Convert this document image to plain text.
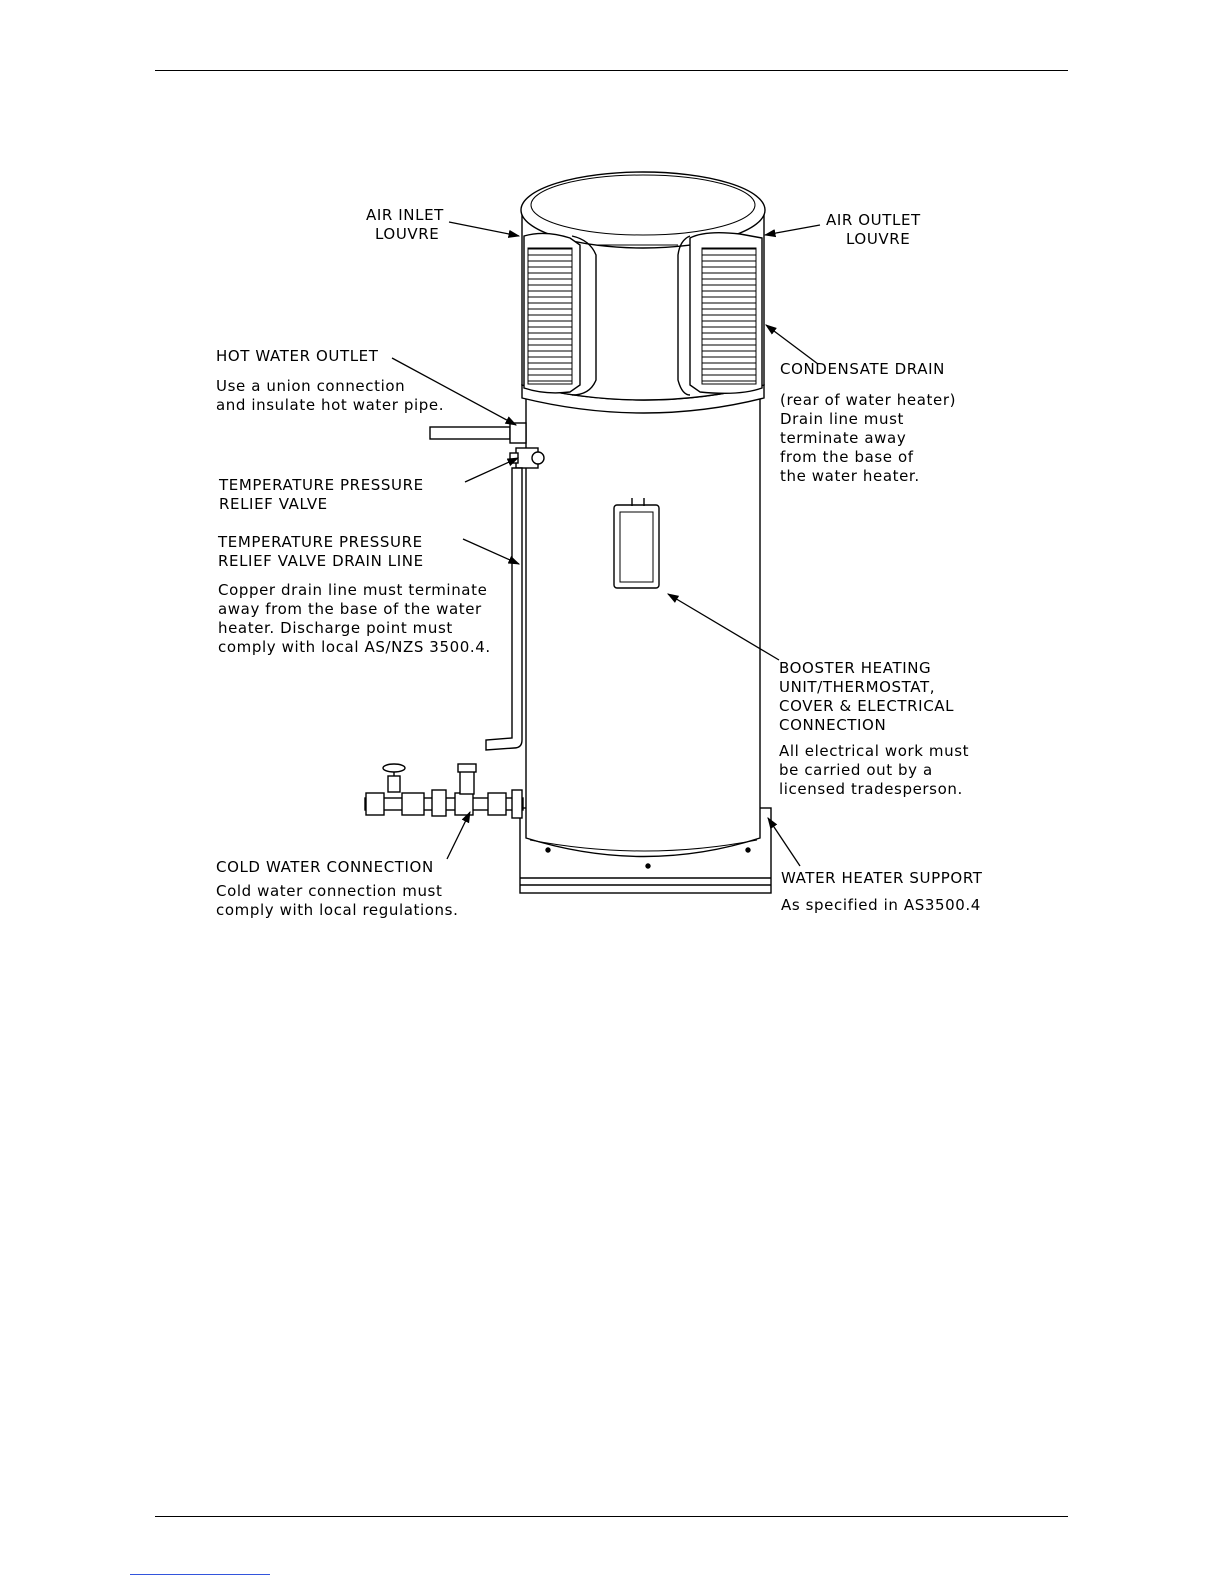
AIR INLET
LOUVRE
AIR OUTLET
LOUVRE
HOT WATER OUTLET
Use a union connection
and insulate hot water pipe.
CONDENSATE DRAIN
(rear of water heater)
Drain line must
terminate away
from the base of
the water heater.
TEMPERATURE PRESSURE
RELIEF VALVE
TEMPERATURE PRESSURE
RELIEF VALVE DRAIN LINE
Copper drain line must terminate
away from the base of the water
heater. Discharge point must
comply with local AS/NZS 3500.4.
BOOSTER HEATING
UNIT/THERMOSTAT,
COVER & ELECTRICAL
CONNECTION
All electrical work must
be carried out by a
licensed tradesperson.
COLD WATER CONNECTION
Cold water connection must
comply with local regulations.
WATER HEATER SUPPORT
As specified in AS3500.4
